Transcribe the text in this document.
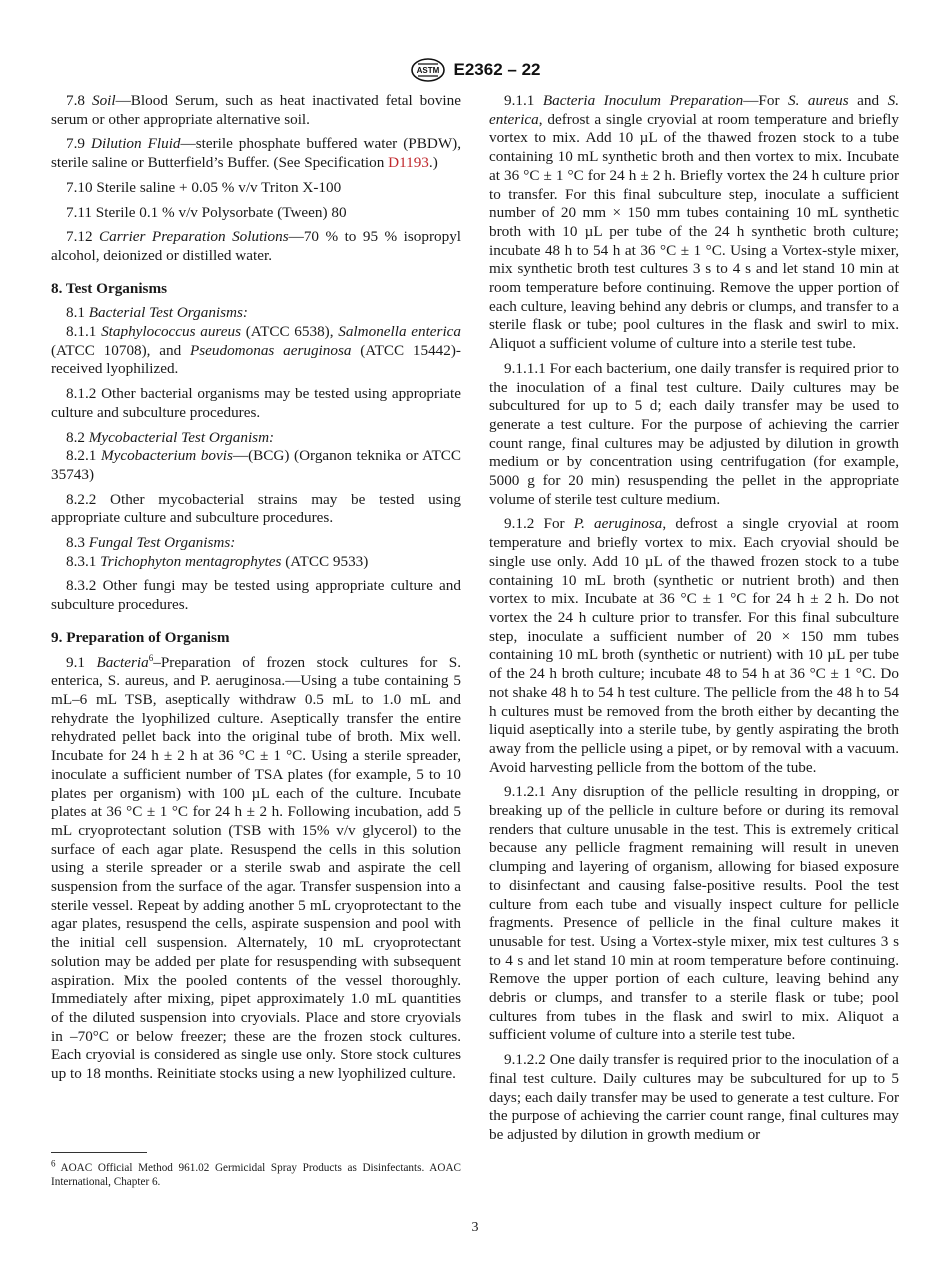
ASTM E2362 – 22

7.8 Soil—Blood Serum, such as heat inactivated fetal bovine serum or other appropriate alternative soil.

7.9 Dilution Fluid—sterile phosphate buffered water (PBDW), sterile saline or Butterfield’s Buffer. (See Specification D1193.)

7.10 Sterile saline + 0.05 % v/v Triton X-100

7.11 Sterile 0.1 % v/v Polysorbate (Tween) 80

7.12 Carrier Preparation Solutions—70 % to 95 % isopropyl alcohol, deionized or distilled water.

8. Test Organisms

8.1 Bacterial Test Organisms:

8.1.1 Staphylococcus aureus (ATCC 6538), Salmonella enterica (ATCC 10708), and Pseudomonas aeruginosa (ATCC 15442)-received lyophilized.

8.1.2 Other bacterial organisms may be tested using appropriate culture and subculture procedures.

8.2 Mycobacterial Test Organism:

8.2.1 Mycobacterium bovis—(BCG) (Organon teknika or ATCC 35743)

8.2.2 Other mycobacterial strains may be tested using appropriate culture and subculture procedures.

8.3 Fungal Test Organisms:

8.3.1 Trichophyton mentagrophytes (ATCC 9533)

8.3.2 Other fungi may be tested using appropriate culture and subculture procedures.

9. Preparation of Organism

9.1 Bacteria$^6$–Preparation of frozen stock cultures for S. enterica, S. aureus, and P. aeruginosa.—Using a tube containing 5 mL–6 mL TSB, aseptically withdraw 0.5 mL to 1.0 mL and rehydrate the lyophilized culture. Aseptically transfer the entire rehydrated pellet back into the original tube of broth. Mix well. Incubate for 24 h ± 2 h at 36 °C ± 1 °C. Using a sterile spreader, inoculate a sufficient number of TSA plates (for example, 5 to 10 plates per organism) with 100 µL each of the culture. Incubate plates at 36 °C ± 1 °C for 24 h ± 2 h. Following incubation, add 5 mL cryoprotectant solution (TSB with 15% v/v glycerol) to the surface of each agar plate. Resuspend the cells in this solution using a sterile spreader or a sterile swab and aspirate the cell suspension from the surface of the agar. Transfer suspension into a sterile vessel. Repeat by adding another 5 mL cryoprotectant to the agar plates, resuspend the cells, aspirate suspension and pool with the initial cell suspension. Alternately, 10 mL cryoprotectant solution may be added per plate for resuspending with subsequent aspiration. Mix the pooled contents of the vessel thoroughly. Immediately after mixing, pipet approximately 1.0 mL quantities of the diluted suspension into cryovials. Place and store cryovials in –70°C or below freezer; these are the frozen stock cultures. Each cryovial is considered as single use only. Store stock cultures up to 18 months. Reinitiate stocks using a new lyophilized culture.

9.1.1 Bacteria Inoculum Preparation—For S. aureus and S. enterica, defrost a single cryovial at room temperature and briefly vortex to mix. Add 10 µL of the thawed frozen stock to a tube containing 10 mL synthetic broth and then vortex to mix. Incubate at 36 °C ± 1 °C for 24 h ± 2 h. Briefly vortex the 24 h culture prior to transfer. For this final subculture step, inoculate a sufficient number of 20 mm × 150 mm tubes containing 10 mL synthetic broth with 10 µL per tube of the 24 h synthetic broth culture; incubate 48 h to 54 h at 36 °C ± 1 °C. Using a Vortex-style mixer, mix synthetic broth test cultures 3 s to 4 s and let stand 10 min at room temperature before continuing. Remove the upper portion of each culture, leaving behind any debris or clumps, and transfer to a sterile flask or tube; pool cultures in the flask and swirl to mix. Aliquot a sufficient volume of culture into a sterile test tube.

9.1.1.1 For each bacterium, one daily transfer is required prior to the inoculation of a final test culture. Daily cultures may be subcultured for up to 5 d; each daily transfer may be used to generate a test culture. For the purpose of achieving the carrier count range, final cultures may be adjusted by dilution in growth medium or by concentration using centrifugation (for example, 5000 g for 20 min) resuspending the pellet in the appropriate volume of sterile test culture medium.

9.1.2 For P. aeruginosa, defrost a single cryovial at room temperature and briefly vortex to mix. Each cryovial should be single use only. Add 10 µL of the thawed frozen stock to a tube containing 10 mL broth (synthetic or nutrient broth) and then vortex to mix. Incubate at 36 °C ± 1 °C for 24 h ± 2 h. Do not vortex the 24 h culture prior to transfer. For this final subculture step, inoculate a sufficient number of 20 × 150 mm tubes containing 10 mL broth (synthetic or nutrient) with 10 µL per tube of the 24 h broth culture; incubate 48 to 54 h at 36 °C ± 1 °C. Do not shake 48 h to 54 h test culture. The pellicle from the 48 h to 54 h cultures must be removed from the broth either by decanting the liquid aseptically into a sterile tube, by gently aspirating the broth away from the pellicle using a pipet, or by removal with a vacuum. Avoid harvesting pellicle from the bottom of the tube.

9.1.2.1 Any disruption of the pellicle resulting in dropping, or breaking up of the pellicle in culture before or during its removal renders that culture unusable in the test. This is extremely critical because any pellicle fragment remaining will result in uneven clumping and layering of organism, allowing for biased exposure to disinfectant and causing false-positive results. Pool the test culture from each tube and visually inspect culture for pellicle fragments. Presence of pellicle in the final culture makes it unusable for test. Using a Vortex-style mixer, mix test cultures 3 s to 4 s and let stand 10 min at room temperature before continuing. Remove the upper portion of each culture, leaving behind any debris or clumps, and transfer to a sterile flask or tube; pool cultures from tubes in the flask and swirl to mix. Aliquot a sufficient volume of culture into a sterile test tube.

9.1.2.2 One daily transfer is required prior to the inoculation of a final test culture. Daily cultures may be subcultured for up to 5 days; each daily transfer may be used to generate a test culture. For the purpose of achieving the carrier count range, final cultures may be adjusted by dilution in growth medium or

$^6$ AOAC Official Method 961.02 Germicidal Spray Products as Disinfectants. AOAC International, Chapter 6.
3
